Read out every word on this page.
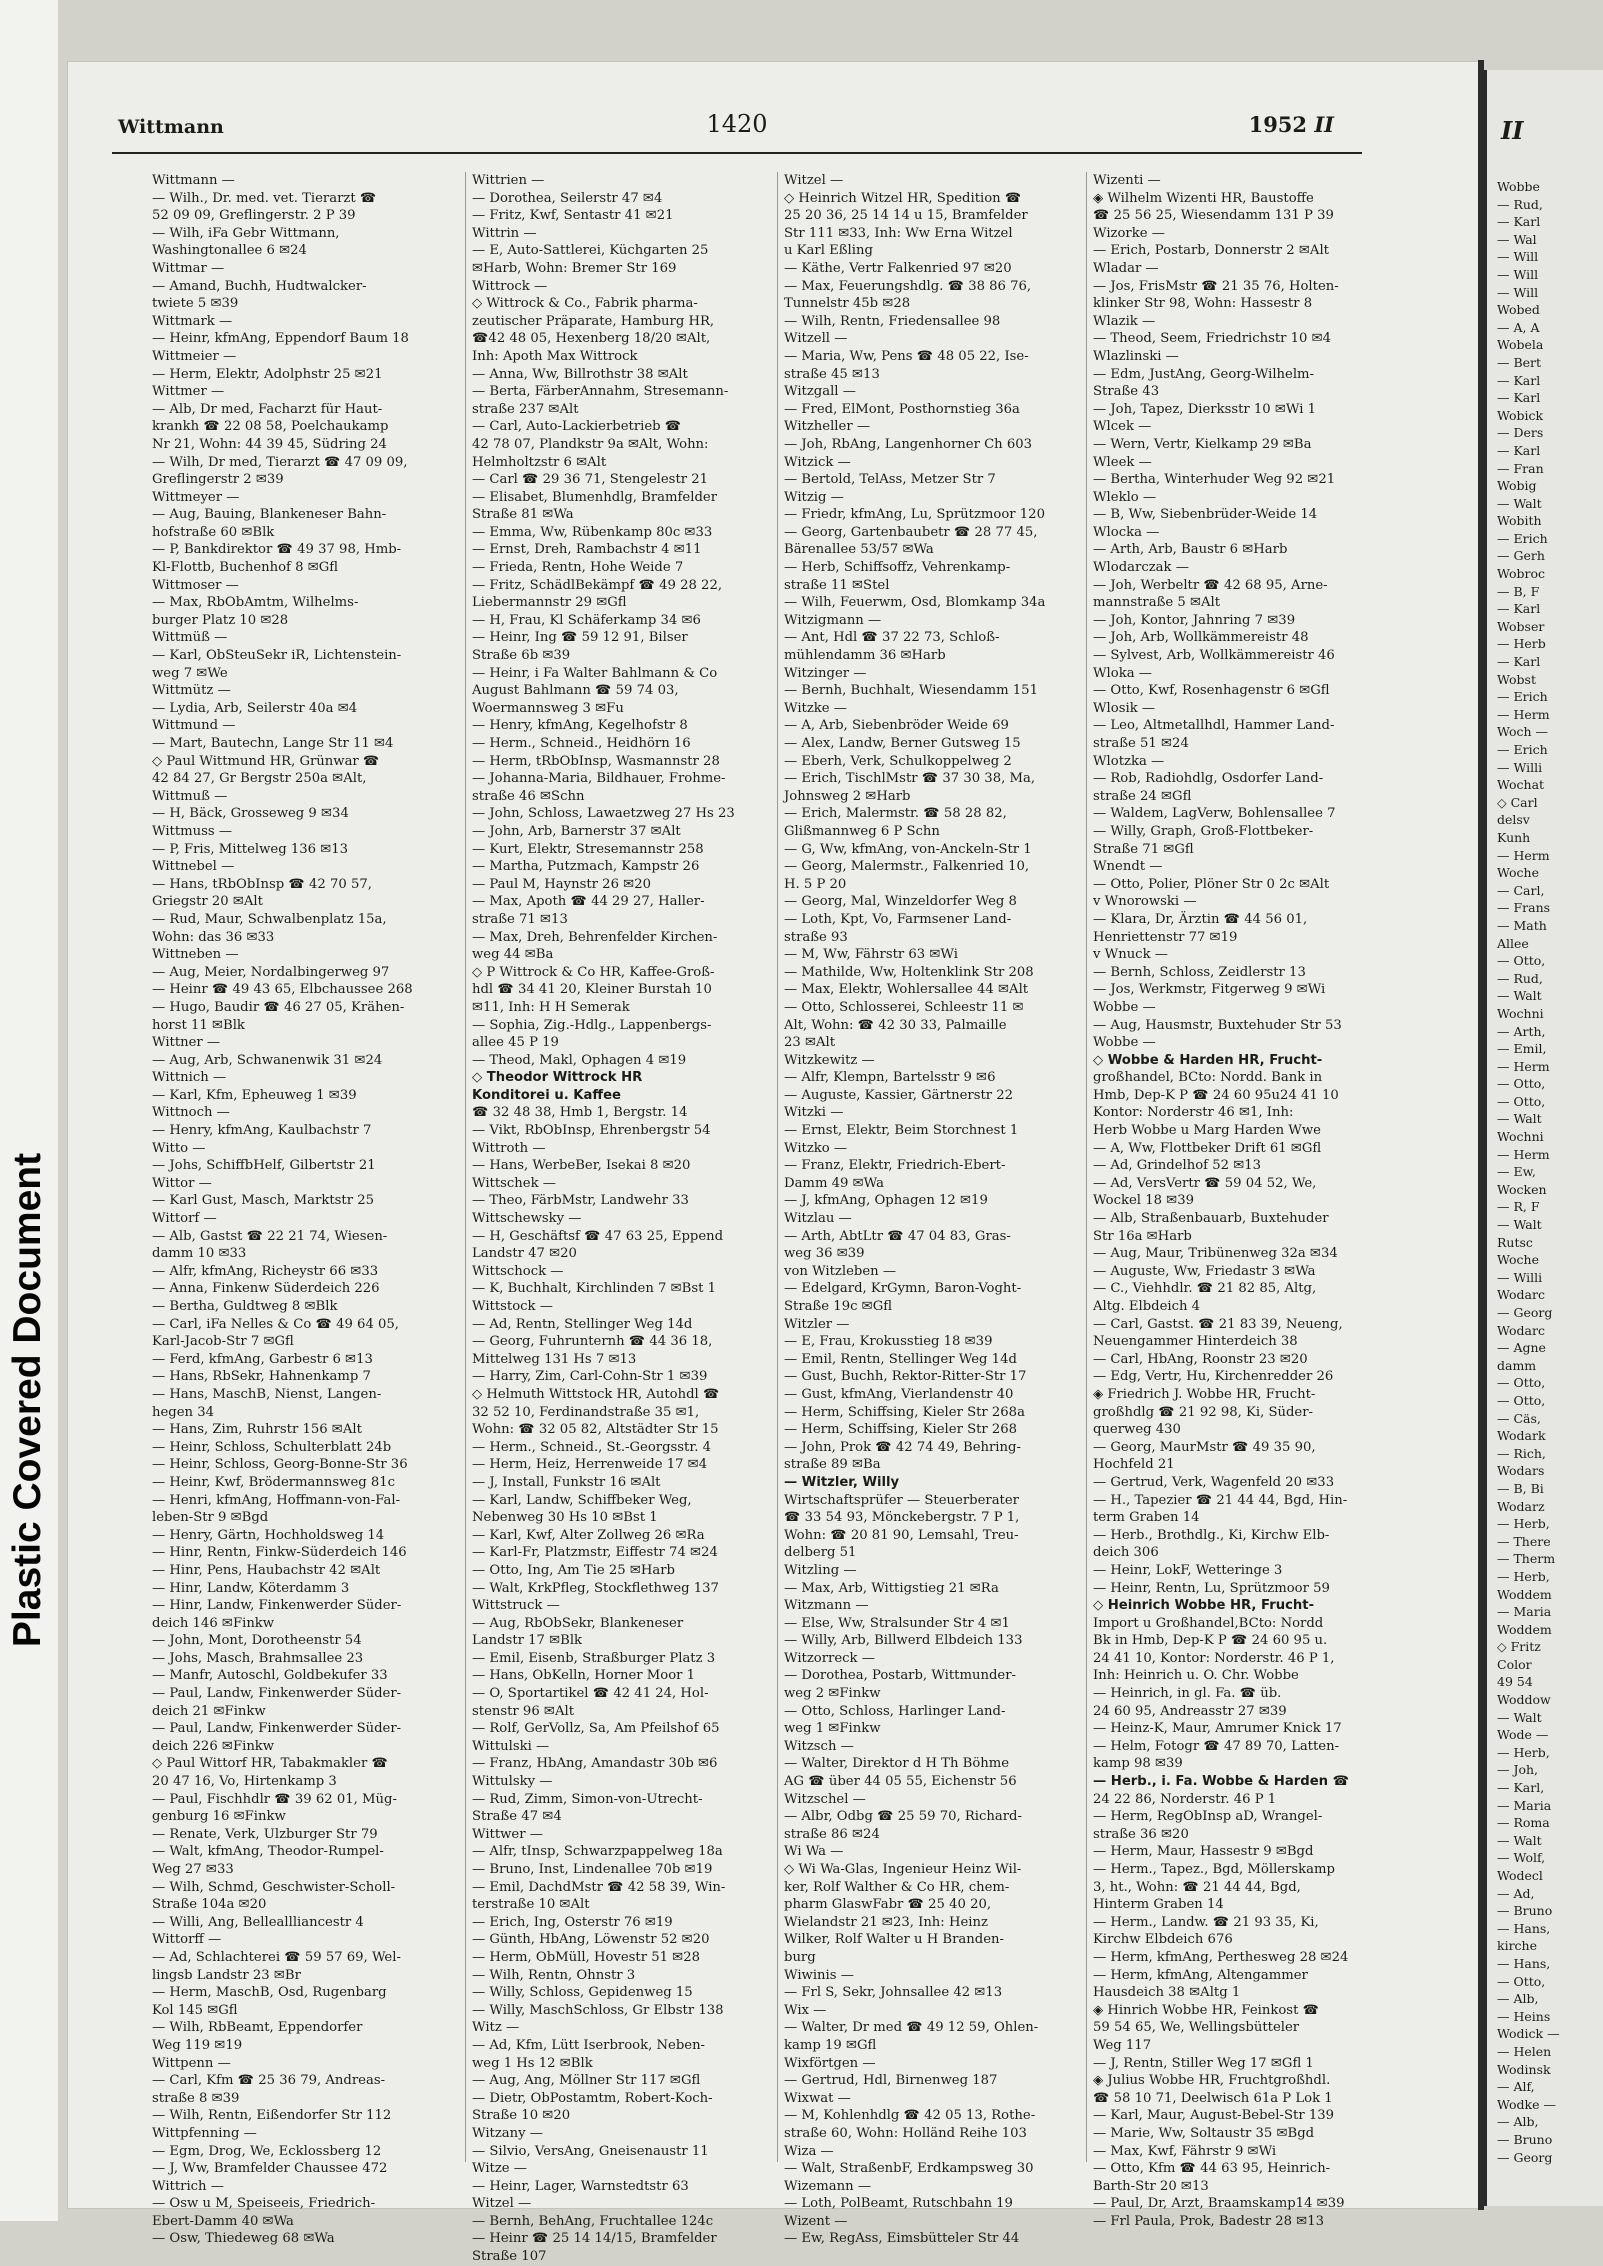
Plastic Covered Document
Wittmann	1420	1952 II
Wittmann —
— Wilh., Dr. med. vet. Tierarzt ☎
52 09 09, Greflingerstr. 2 P 39
— Wilh, iFa Gebr Wittmann,
Washingtonallee 6 ✉24
Wittmar —
— Amand, Buchh, Hudtwalcker-
twiete 5 ✉39
Wittmark —
— Heinr, kfmAng, Eppendorf Baum 18
Wittmeier —
— Herm, Elektr, Adolphstr 25 ✉21
Wittmer —
— Alb, Dr med, Facharzt für Haut-
krankh ☎ 22 08 58, Poelchaukamp
Nr 21, Wohn: 44 39 45, Südring 24
— Wilh, Dr med, Tierarzt ☎ 47 09 09,
Greflingerstr 2 ✉39
Wittmeyer —
— Aug, Bauing, Blankeneser Bahn-
hofstraße 60 ✉Blk
— P, Bankdirektor ☎ 49 37 98, Hmb-
Kl-Flottb, Buchenhof 8 ✉Gfl
Wittmoser —
— Max, RbObAmtm, Wilhelms-
burger Platz 10 ✉28
Wittmüß —
— Karl, ObSteuSekr iR, Lichtenstein-
weg 7 ✉We
Wittmütz —
— Lydia, Arb, Seilerstr 40a ✉4
Wittmund —
— Mart, Bautechn, Lange Str 11 ✉4
◇ Paul Wittmund HR, Grünwar ☎
42 84 27, Gr Bergstr 250a ✉Alt,
Wittmuß —
— H, Bäck, Grosseweg 9 ✉34
Wittmuss —
— P, Fris, Mittelweg 136 ✉13
Wittnebel —
— Hans, tRbObInsp ☎ 42 70 57,
Griegstr 20 ✉Alt
— Rud, Maur, Schwalbenplatz 15a,
Wohn: das 36 ✉33
Wittneben —
— Aug, Meier, Nordalbingerweg 97
— Heinr ☎ 49 43 65, Elbchaussee 268
— Hugo, Baudir ☎ 46 27 05, Krähen-
horst 11 ✉Blk
Wittner —
— Aug, Arb, Schwanenwik 31 ✉24
Wittnich —
— Karl, Kfm, Epheuweg 1 ✉39
Wittnoch —
— Henry, kfmAng, Kaulbachstr 7
Witto —
— Johs, SchiffbHelf, Gilbertstr 21
Wittor —
— Karl Gust, Masch, Marktstr 25
Wittorf —
— Alb, Gastst ☎ 22 21 74, Wiesen-
damm 10 ✉33
— Alfr, kfmAng, Richeystr 66 ✉33
— Anna, Finkenw Süderdeich 226
— Bertha, Guldtweg 8 ✉Blk
— Carl, iFa Nelles & Co ☎ 49 64 05,
Karl-Jacob-Str 7 ✉Gfl
— Ferd, kfmAng, Garbestr 6 ✉13
— Hans, RbSekr, Hahnenkamp 7
— Hans, MaschB, Nienst, Langen-
hegen 34
— Hans, Zim, Ruhrstr 156 ✉Alt
— Heinr, Schloss, Schulterblatt 24b
— Heinr, Schloss, Georg-Bonne-Str 36
— Heinr, Kwf, Brödermannsweg 81c
— Henri, kfmAng, Hoffmann-von-Fal-
leben-Str 9 ✉Bgd
— Henry, Gärtn, Hochholdsweg 14
— Hinr, Rentn, Finkw-Süderdeich 146
— Hinr, Pens, Haubachstr 42 ✉Alt
— Hinr, Landw, Köterdamm 3
— Hinr, Landw, Finkenwerder Süder-
deich 146 ✉Finkw
— John, Mont, Dorotheenstr 54
— Johs, Masch, Brahmsallee 23
— Manfr, Autoschl, Goldbekufer 33
— Paul, Landw, Finkenwerder Süder-
deich 21 ✉Finkw
— Paul, Landw, Finkenwerder Süder-
deich 226 ✉Finkw
◇ Paul Wittorf HR, Tabakmakler ☎
20 47 16, Vo, Hirtenkamp 3
— Paul, Fischhdlr ☎ 39 62 01, Müg-
genburg 16 ✉Finkw
— Renate, Verk, Ulzburger Str 79
— Walt, kfmAng, Theodor-Rumpel-
Weg 27 ✉33
— Wilh, Schmd, Geschwister-Scholl-
Straße 104a ✉20
— Willi, Ang, Belleallliancestr 4
Wittorff —
— Ad, Schlachterei ☎ 59 57 69, Wel-
lingsb Landstr 23 ✉Br
— Herm, MaschB, Osd, Rugenbarg
Kol 145 ✉Gfl
— Wilh, RbBeamt, Eppendorfer
Weg 119 ✉19
Wittpenn —
— Carl, Kfm ☎ 25 36 79, Andreas-
straße 8 ✉39
— Wilh, Rentn, Eißendorfer Str 112
Wittpfenning —
— Egm, Drog, We, Ecklossberg 12
— J, Ww, Bramfelder Chaussee 472
Wittrich —
— Osw u M, Speiseeis, Friedrich-
Ebert-Damm 40 ✉Wa
— Osw, Thiedeweg 68 ✉Wa
Wittrien —
— Dorothea, Seilerstr 47 ✉4
— Fritz, Kwf, Sentastr 41 ✉21
Wittrin —
— E, Auto-Sattlerei, Küchgarten 25
✉Harb, Wohn: Bremer Str 169
Wittrock —
◇ Wittrock & Co., Fabrik pharma-
zeutischer Präparate, Hamburg HR,
☎42 48 05, Hexenberg 18/20 ✉Alt,
Inh: Apoth Max Wittrock
— Anna, Ww, Billrothstr 38 ✉Alt
— Berta, FärberAnnahm, Stresemann-
straße 237 ✉Alt
— Carl, Auto-Lackierbetrieb ☎
42 78 07, Plandkstr 9a ✉Alt, Wohn:
Helmholtzstr 6 ✉Alt
— Carl ☎ 29 36 71, Stengelestr 21
— Elisabet, Blumenhdlg, Bramfelder
Straße 81 ✉Wa
— Emma, Ww, Rübenkamp 80c ✉33
— Ernst, Dreh, Rambachstr 4 ✉11
— Frieda, Rentn, Hohe Weide 7
— Fritz, SchädlBekämpf ☎ 49 28 22,
Liebermannstr 29 ✉Gfl
— H, Frau, Kl Schäferkamp 34 ✉6
— Heinr, Ing ☎ 59 12 91, Bilser
Straße 6b ✉39
— Heinr, i Fa Walter Bahlmann & Co
August Bahlmann ☎ 59 74 03,
Woermannsweg 3 ✉Fu
— Henry, kfmAng, Kegelhofstr 8
— Herm., Schneid., Heidhörn 16
— Herm, tRbObInsp, Wasmannstr 28
— Johanna-Maria, Bildhauer, Frohme-
straße 46 ✉Schn
— John, Schloss, Lawaetzweg 27 Hs 23
— John, Arb, Barnerstr 37 ✉Alt
— Kurt, Elektr, Stresemannstr 258
— Martha, Putzmach, Kampstr 26
— Paul M, Haynstr 26 ✉20
— Max, Apoth ☎ 44 29 27, Haller-
straße 71 ✉13
— Max, Dreh, Behrenfelder Kirchen-
weg 44 ✉Ba
◇ P Wittrock & Co HR, Kaffee-Groß-
hdl ☎ 34 41 20, Kleiner Burstah 10
✉11, Inh: H H Semerak
— Sophia, Zig.-Hdlg., Lappenbergs-
allee 45 P 19
— Theod, Makl, Ophagen 4 ✉19
◇ Theodor Wittrock HR
Konditorei u. Kaffee
☎ 32 48 38, Hmb 1, Bergstr. 14
— Vikt, RbObInsp, Ehrenbergstr 54
Wittroth —
— Hans, WerbeBer, Isekai 8 ✉20
Wittschek —
— Theo, FärbMstr, Landwehr 33
Wittschewsky —
— H, Geschäftsf ☎ 47 63 25, Eppend
Landstr 47 ✉20
Wittschock —
— K, Buchhalt, Kirchlinden 7 ✉Bst 1
Wittstock —
— Ad, Rentn, Stellinger Weg 14d
— Georg, Fuhrunternh ☎ 44 36 18,
Mittelweg 131 Hs 7 ✉13
— Harry, Zim, Carl-Cohn-Str 1 ✉39
◇ Helmuth Wittstock HR, Autohdl ☎
32 52 10, Ferdinandstraße 35 ✉1,
Wohn: ☎ 32 05 82, Altstädter Str 15
— Herm., Schneid., St.-Georgsstr. 4
— Herm, Heiz, Herrenweide 17 ✉4
— J, Install, Funkstr 16 ✉Alt
— Karl, Landw, Schiffbeker Weg,
Nebenweg 30 Hs 10 ✉Bst 1
— Karl, Kwf, Alter Zollweg 26 ✉Ra
— Karl-Fr, Platzmstr, Eiffestr 74 ✉24
— Otto, Ing, Am Tie 25 ✉Harb
— Walt, KrkPfleg, Stockflethweg 137
Wittstruck —
— Aug, RbObSekr, Blankeneser
Landstr 17 ✉Blk
— Emil, Eisenb, Straßburger Platz 3
— Hans, ObKelln, Horner Moor 1
— O, Sportartikel ☎ 42 41 24, Hol-
stenstr 96 ✉Alt
— Rolf, GerVollz, Sa, Am Pfeilshof 65
Wittulski —
— Franz, HbAng, Amandastr 30b ✉6
Wittulsky —
— Rud, Zimm, Simon-von-Utrecht-
Straße 47 ✉4
Wittwer —
— Alfr, tInsp, Schwarzpappelweg 18a
— Bruno, Inst, Lindenallee 70b ✉19
— Emil, DachdMstr ☎ 42 58 39, Win-
terstraße 10 ✉Alt
— Erich, Ing, Osterstr 76 ✉19
— Günth, HbAng, Löwenstr 52 ✉20
— Herm, ObMüll, Hovestr 51 ✉28
— Wilh, Rentn, Ohnstr 3
— Willy, Schloss, Gepidenweg 15
— Willy, MaschSchloss, Gr Elbstr 138
Witz —
— Ad, Kfm, Lütt Iserbrook, Neben-
weg 1 Hs 12 ✉Blk
— Aug, Ang, Möllner Str 117 ✉Gfl
— Dietr, ObPostamtm, Robert-Koch-
Straße 10 ✉20
Witzany —
— Silvio, VersAng, Gneisenaustr 11
Witze —
— Heinr, Lager, Warnstedtstr 63
Witzel —
— Bernh, BehAng, Fruchtallee 124c
— Heinr ☎ 25 14 14/15, Bramfelder
Straße 107
Witzel —
◇ Heinrich Witzel HR, Spedition ☎
25 20 36, 25 14 14 u 15, Bramfelder
Str 111 ✉33, Inh: Ww Erna Witzel
u Karl Eßling
— Käthe, Vertr Falkenried 97 ✉20
— Max, Feuerungshdlg. ☎ 38 86 76,
Tunnelstr 45b ✉28
— Wilh, Rentn, Friedensallee 98
Witzell —
— Maria, Ww, Pens ☎ 48 05 22, Ise-
straße 45 ✉13
Witzgall —
— Fred, ElMont, Posthornstieg 36a
Witzheller —
— Joh, RbAng, Langenhorner Ch 603
Witzick —
— Bertold, TelAss, Metzer Str 7
Witzig —
— Friedr, kfmAng, Lu, Sprützmoor 120
— Georg, Gartenbaubetr ☎ 28 77 45,
Bärenallee 53/57 ✉Wa
— Herb, Schiffsoffz, Vehrenkamp-
straße 11 ✉Stel
— Wilh, Feuerwm, Osd, Blomkamp 34a
Witzigmann —
— Ant, Hdl ☎ 37 22 73, Schloß-
mühlendamm 36 ✉Harb
Witzinger —
— Bernh, Buchhalt, Wiesendamm 151
Witzke —
— A, Arb, Siebenbröder Weide 69
— Alex, Landw, Berner Gutsweg 15
— Eberh, Verk, Schulkoppelweg 2
— Erich, TischlMstr ☎ 37 30 38, Ma,
Johnsweg 2 ✉Harb
— Erich, Malermstr. ☎ 58 28 82,
Glißmannweg 6 P Schn
— G, Ww, kfmAng, von-Anckeln-Str 1
— Georg, Malermstr., Falkenried 10,
H. 5 P 20
— Georg, Mal, Winzeldorfer Weg 8
— Loth, Kpt, Vo, Farmsener Land-
straße 93
— M, Ww, Fährstr 63 ✉Wi
— Mathilde, Ww, Holtenklink Str 208
— Max, Elektr, Wohlersallee 44 ✉Alt
— Otto, Schlosserei, Schleestr 11 ✉
Alt, Wohn: ☎ 42 30 33, Palmaille
23 ✉Alt
Witzkewitz —
— Alfr, Klempn, Bartelsstr 9 ✉6
— Auguste, Kassier, Gärtnerstr 22
Witzki —
— Ernst, Elektr, Beim Storchnest 1
Witzko —
— Franz, Elektr, Friedrich-Ebert-
Damm 49 ✉Wa
— J, kfmAng, Ophagen 12 ✉19
Witzlau —
— Arth, AbtLtr ☎ 47 04 83, Gras-
weg 36 ✉39
von Witzleben —
— Edelgard, KrGymn, Baron-Voght-
Straße 19c ✉Gfl
Witzler —
— E, Frau, Krokusstieg 18 ✉39
— Emil, Rentn, Stellinger Weg 14d
— Gust, Buchh, Rektor-Ritter-Str 17
— Gust, kfmAng, Vierlandenstr 40
— Herm, Schiffsing, Kieler Str 268a
— Herm, Schiffsing, Kieler Str 268
— John, Prok ☎ 42 74 49, Behring-
straße 89 ✉Ba
— Witzler, Willy
Wirtschaftsprüfer — Steuerberater
☎ 33 54 93, Mönckebergstr. 7 P 1,
Wohn: ☎ 20 81 90, Lemsahl, Treu-
delberg 51
Witzling —
— Max, Arb, Wittigstieg 21 ✉Ra
Witzmann —
— Else, Ww, Stralsunder Str 4 ✉1
— Willy, Arb, Billwerd Elbdeich 133
Witzorreck —
— Dorothea, Postarb, Wittmunder-
weg 2 ✉Finkw
— Otto, Schloss, Harlinger Land-
weg 1 ✉Finkw
Witzsch —
— Walter, Direktor d H Th Böhme
AG ☎ über 44 05 55, Eichenstr 56
Witzschel —
— Albr, Odbg ☎ 25 59 70, Richard-
straße 86 ✉24
Wi Wa —
◇ Wi Wa-Glas, Ingenieur Heinz Wil-
ker, Rolf Walther & Co HR, chem-
pharm GlaswFabr ☎ 25 40 20,
Wielandstr 21 ✉23, Inh: Heinz
Wilker, Rolf Walter u H Branden-
burg
Wiwinis —
— Frl S, Sekr, Johnsallee 42 ✉13
Wix —
— Walter, Dr med ☎ 49 12 59, Ohlen-
kamp 19 ✉Gfl
Wixförtgen —
— Gertrud, Hdl, Birnenweg 187
Wixwat —
— M, Kohlenhdlg ☎ 42 05 13, Rothe-
straße 60, Wohn: Holländ Reihe 103
Wiza —
— Walt, StraßenbF, Erdkampsweg 30
Wizemann —
— Loth, PolBeamt, Rutschbahn 19
Wizent —
— Ew, RegAss, Eimsbütteler Str 44
Wizenti —
◈ Wilhelm Wizenti HR, Baustoffe
☎ 25 56 25, Wiesendamm 131 P 39
Wizorke —
— Erich, Postarb, Donnerstr 2 ✉Alt
Wladar —
— Jos, FrisMstr ☎ 21 35 76, Holten-
klinker Str 98, Wohn: Hassestr 8
Wlazik —
— Theod, Seem, Friedrichstr 10 ✉4
Wlazlinski —
— Edm, JustAng, Georg-Wilhelm-
Straße 43
— Joh, Tapez, Dierksstr 10 ✉Wi 1
Wlcek —
— Wern, Vertr, Kielkamp 29 ✉Ba
Wleek —
— Bertha, Winterhuder Weg 92 ✉21
Wleklo —
— B, Ww, Siebenbrüder-Weide 14
Wlocka —
— Arth, Arb, Baustr 6 ✉Harb
Wlodarczak —
— Joh, Werbeltr ☎ 42 68 95, Arne-
mannstraße 5 ✉Alt
— Joh, Kontor, Jahnring 7 ✉39
— Joh, Arb, Wollkämmereistr 48
— Sylvest, Arb, Wollkämmereistr 46
Wloka —
— Otto, Kwf, Rosenhagenstr 6 ✉Gfl
Wlosik —
— Leo, Altmetallhdl, Hammer Land-
straße 51 ✉24
Wlotzka —
— Rob, Radiohdlg, Osdorfer Land-
straße 24 ✉Gfl
— Waldem, LagVerw, Bohlensallee 7
— Willy, Graph, Groß-Flottbeker-
Straße 71 ✉Gfl
Wnendt —
— Otto, Polier, Plöner Str 0 2c ✉Alt
v Wnorowski —
— Klara, Dr, Ärztin ☎ 44 56 01,
Henriettenstr 77 ✉19
v Wnuck —
— Bernh, Schloss, Zeidlerstr 13
— Jos, Werkmstr, Fitgerweg 9 ✉Wi
Wobbe —
— Aug, Hausmstr, Buxtehuder Str 53
Wobbe —
◇ Wobbe & Harden HR, Frucht-
großhandel, BCto: Nordd. Bank in
Hmb, Dep-K P ☎ 24 60 95u24 41 10
Kontor: Norderstr 46 ✉1, Inh:
Herb Wobbe u Marg Harden Wwe
— A, Ww, Flottbeker Drift 61 ✉Gfl
— Ad, Grindelhof 52 ✉13
— Ad, VersVertr ☎ 59 04 52, We,
Wockel 18 ✉39
— Alb, Straßenbauarb, Buxtehuder
Str 16a ✉Harb
— Aug, Maur, Tribünenweg 32a ✉34
— Auguste, Ww, Friedastr 3 ✉Wa
— C., Viehhdlr. ☎ 21 82 85, Altg,
Altg. Elbdeich 4
— Carl, Gastst. ☎ 21 83 39, Neueng,
Neuengammer Hinterdeich 38
— Carl, HbAng, Roonstr 23 ✉20
— Edg, Vertr, Hu, Kirchenredder 26
◈ Friedrich J. Wobbe HR, Frucht-
großhdlg ☎ 21 92 98, Ki, Süder-
querweg 430
— Georg, MaurMstr ☎ 49 35 90,
Hochfeld 21
— Gertrud, Verk, Wagenfeld 20 ✉33
— H., Tapezier ☎ 21 44 44, Bgd, Hin-
term Graben 14
— Herb., Brothdlg., Ki, Kirchw Elb-
deich 306
— Heinr, LokF, Wetteringe 3
— Heinr, Rentn, Lu, Sprützmoor 59
◇ Heinrich Wobbe HR, Frucht-
Import u Großhandel,BCto: Nordd
Bk in Hmb, Dep-K P ☎ 24 60 95 u.
24 41 10, Kontor: Norderstr. 46 P 1,
Inh: Heinrich u. O. Chr. Wobbe
— Heinrich, in gl. Fa. ☎ üb.
24 60 95, Andreasstr 27 ✉39
— Heinz-K, Maur, Amrumer Knick 17
— Helm, Fotogr ☎ 47 89 70, Latten-
kamp 98 ✉39
— Herb., i. Fa. Wobbe & Harden ☎
24 22 86, Norderstr. 46 P 1
— Herm, RegObInsp aD, Wrangel-
straße 36 ✉20
— Herm, Maur, Hassestr 9 ✉Bgd
— Herm., Tapez., Bgd, Möllerskamp
3, ht., Wohn: ☎ 21 44 44, Bgd,
Hinterm Graben 14
— Herm., Landw. ☎ 21 93 35, Ki,
Kirchw Elbdeich 676
— Herm, kfmAng, Perthesweg 28 ✉24
— Herm, kfmAng, Altengammer
Hausdeich 38 ✉Altg 1
◈ Hinrich Wobbe HR, Feinkost ☎
59 54 65, We, Wellingsbütteler
Weg 117
— J, Rentn, Stiller Weg 17 ✉Gfl 1
◈ Julius Wobbe HR, Fruchtgroßhdl.
☎ 58 10 71, Deelwisch 61a P Lok 1
— Karl, Maur, August-Bebel-Str 139
— Marie, Ww, Soltaustr 35 ✉Bgd
— Max, Kwf, Fährstr 9 ✉Wi
— Otto, Kfm ☎ 44 63 95, Heinrich-
Barth-Str 20 ✉13
— Paul, Dr, Arzt, Braamskamp14 ✉39
— Frl Paula, Prok, Badestr 28 ✉13
II
Wobbe
— Rud,
— Karl
— Wal
— Will
— Will
— Will
Wobed
— A, A
Wobela
— Bert
— Karl
— Karl
Wobick
— Ders
— Karl
— Fran
Wobig
— Walt
Wobith
— Erich
— Gerh
Wobroc
— B, F
— Karl
Wobser
— Herb
— Karl
Wobst
— Erich
— Herm
Woch —
— Erich
— Willi
Wochat
◇ Carl
delsv
Kunh
— Herm
Woche
— Carl,
— Frans
— Math
Allee
— Otto,
— Rud,
— Walt
Wochni
— Arth,
— Emil,
— Herm
— Otto,
— Otto,
— Walt
Wochni
— Herm
— Ew,
Wocken
— R, F
— Walt
Rutsc
Woche
— Willi
Wodarc
— Georg
Wodarc
— Agne
damm
— Otto,
— Otto,
— Cäs,
Wodark
— Rich,
Wodars
— B, Bi
Wodarz
— Herb,
— There
— Therm
— Herb,
Woddem
— Maria
Woddem
◇ Fritz
Color
49 54
Woddow
— Walt
Wode —
— Herb,
— Joh,
— Karl,
— Maria
— Roma
— Walt
— Wolf,
Wodecl
— Ad,
— Bruno
— Hans,
kirche
— Hans,
— Otto,
— Alb,
— Heins
Wodick —
— Helen
Wodinsk
— Alf,
Wodke —
— Alb,
— Bruno
— Georg
